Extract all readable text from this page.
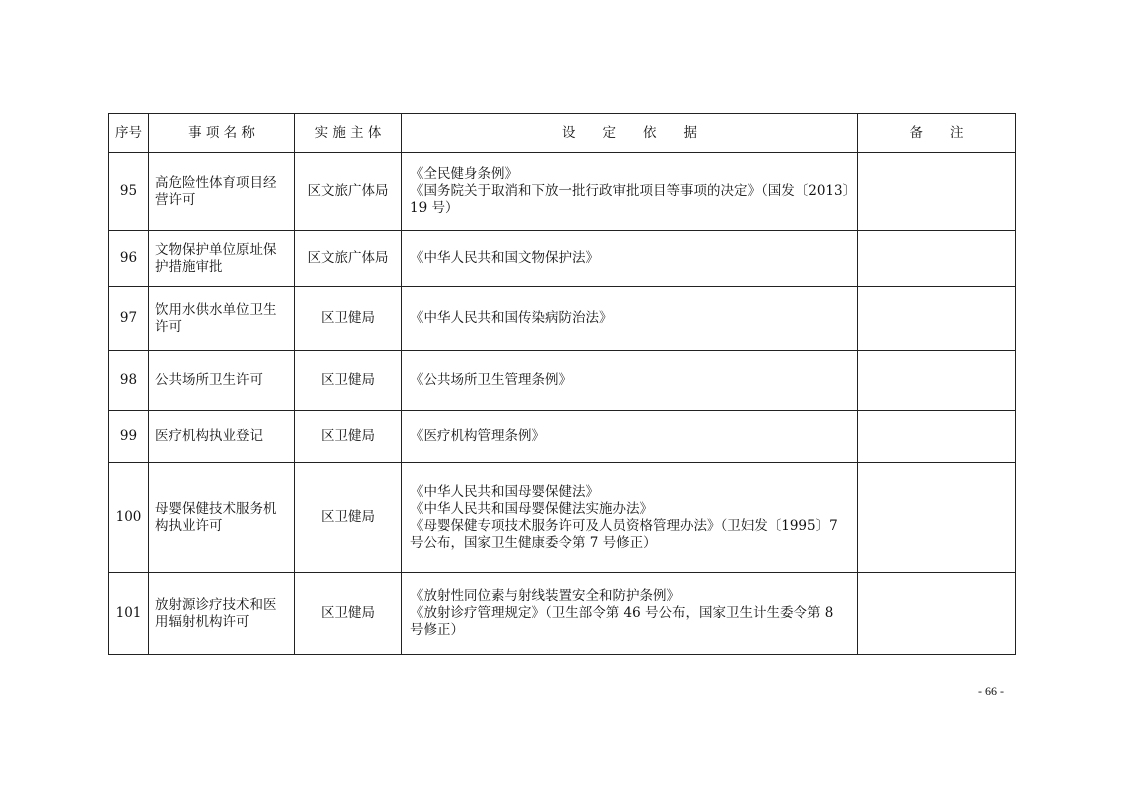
序号	事 项 名 称	实 施 主 体	设　　定　　依　　据	备　　注
95	高危险性体育项目经营许可	区文旅广体局	《全民健身条例》
《国务院关于取消和下放一批行政审批项目等事项的决定》（国发〔2013〕19 号）	

96	文物保护单位原址保护措施审批	区文旅广体局	《中华人民共和国文物保护法》	

97	饮用水供水单位卫生许可	区卫健局	《中华人民共和国传染病防治法》	

98	公共场所卫生许可	区卫健局	《公共场所卫生管理条例》	

99	医疗机构执业登记	区卫健局	《医疗机构管理条例》	

100	母婴保健技术服务机构执业许可	区卫健局	《中华人民共和国母婴保健法》
《中华人民共和国母婴保健法实施办法》
《母婴保健专项技术服务许可及人员资格管理办法》（卫妇发〔1995〕7 号公布，国家卫生健康委令第 7 号修正）	

101	放射源诊疗技术和医用辐射机构许可	区卫健局	《放射性同位素与射线装置安全和防护条例》
《放射诊疗管理规定》（卫生部令第 46 号公布，国家卫生计生委令第 8 号修正）	

- 66 -
